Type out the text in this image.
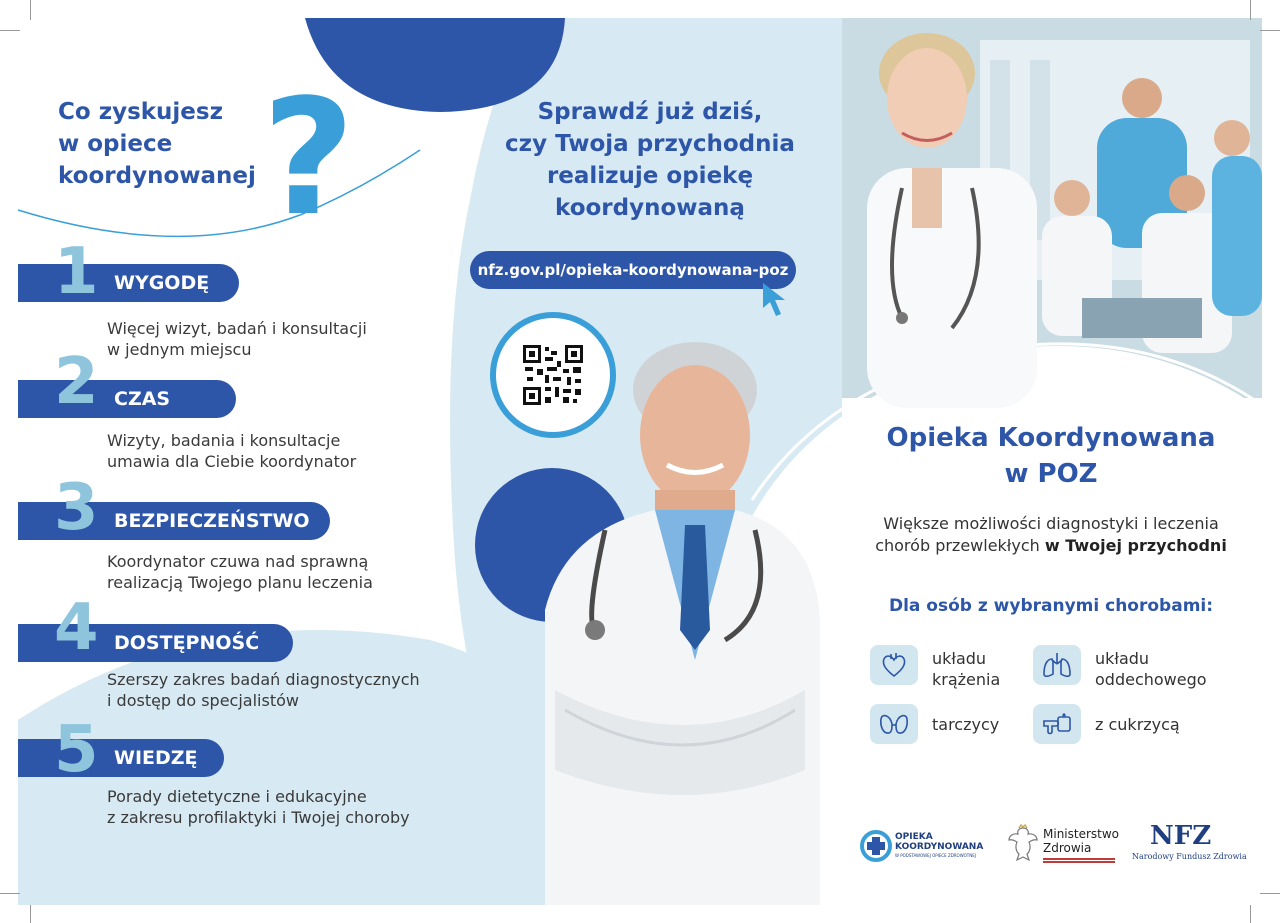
Co zyskujesz
w opiece
koordynowanej ?
WYGODĘ
1
Więcej wizyt, badań i konsultacji
w jednym miejscu
CZAS
2
Wizyty, badania i konsultacje
umawia dla Ciebie koordynator
BEZPIECZEŃSTWO
3
Koordynator czuwa nad sprawną
realizacją Twojego planu leczenia
DOSTĘPNOŚĆ
4
Szerszy zakres badań diagnostycznych
i dostęp do specjalistów
WIEDZĘ
5
Porady dietetyczne i edukacyjne
z zakresu profilaktyki i Twojej choroby
Sprawdź już dziś,
czy Twoja przychodnia
realizuje opiekę
koordynowaną
nfz.gov.pl/opieka-koordynowana-poz
Opieka Koordynowana
w POZ
Większe możliwości diagnostyki i leczenia
chorób przewlekłych w Twojej przychodni
Dla osób z wybranymi chorobami:
układu
krążenia
układu
oddechowego
tarczycy	z cukrzycą
OPIEKA
KOORDYNOWANA
W PODSTAWOWEJ OPIECE ZDROWOTNEJ
Ministerstwo
Zdrowia NFZ
Narodowy Fundusz Zdrowia
